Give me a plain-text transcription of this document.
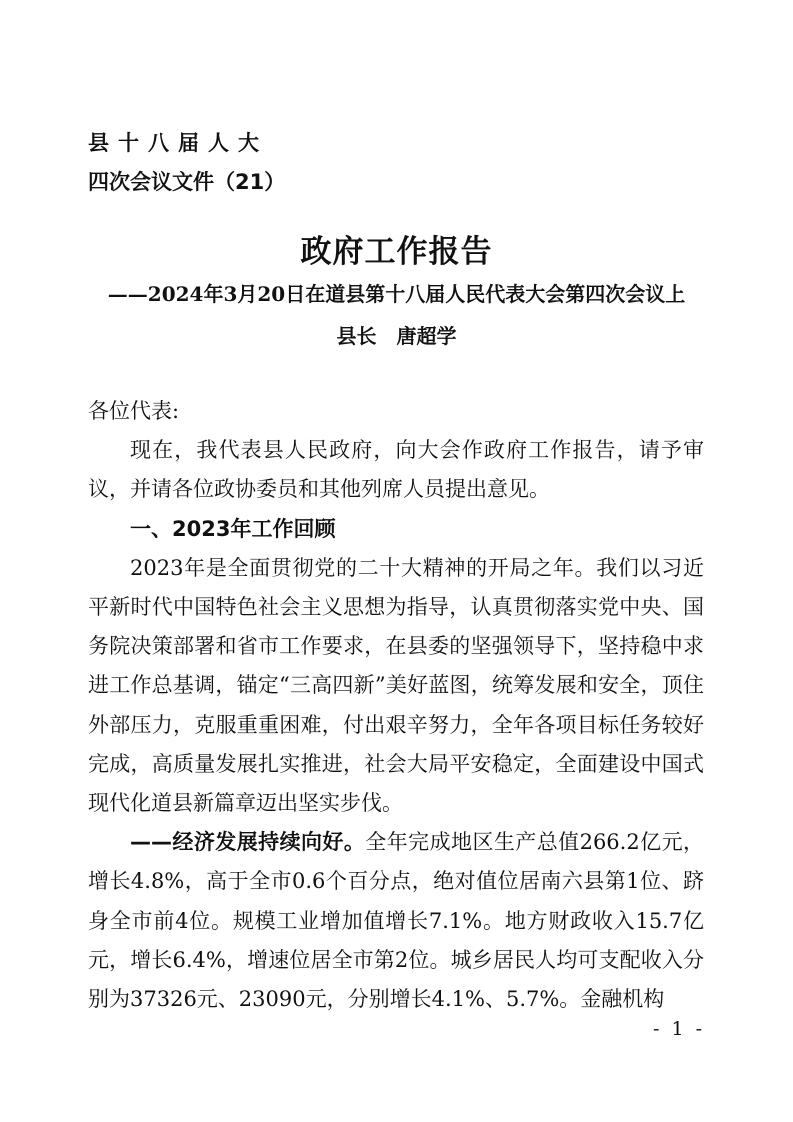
县十八届人大
四次会议文件（21）
政府工作报告
——2024年3月20日在道县第十八届人民代表大会第四次会议上
县长　唐超学

各位代表:

现在，我代表县人民政府，向大会作政府工作报告，请予审议，并请各位政协委员和其他列席人员提出意见。

一、2023年工作回顾

2023年是全面贯彻党的二十大精神的开局之年。我们以习近平新时代中国特色社会主义思想为指导，认真贯彻落实党中央、国务院决策部署和省市工作要求，在县委的坚强领导下，坚持稳中求进工作总基调，锚定“三高四新”美好蓝图，统筹发展和安全，顶住外部压力，克服重重困难，付出艰辛努力，全年各项目标任务较好完成，高质量发展扎实推进，社会大局平安稳定，全面建设中国式现代化道县新篇章迈出坚实步伐。

——经济发展持续向好。全年完成地区生产总值266.2亿元，增长4.8%，高于全市0.6个百分点，绝对值位居南六县第1位、跻身全市前4位。规模工业增加值增长7.1%。地方财政收入15.7亿元，增长6.4%，增速位居全市第2位。城乡居民人均可支配收入分别为37326元、23090元，分别增长4.1%、5.7%。金融机构

- 1 -
